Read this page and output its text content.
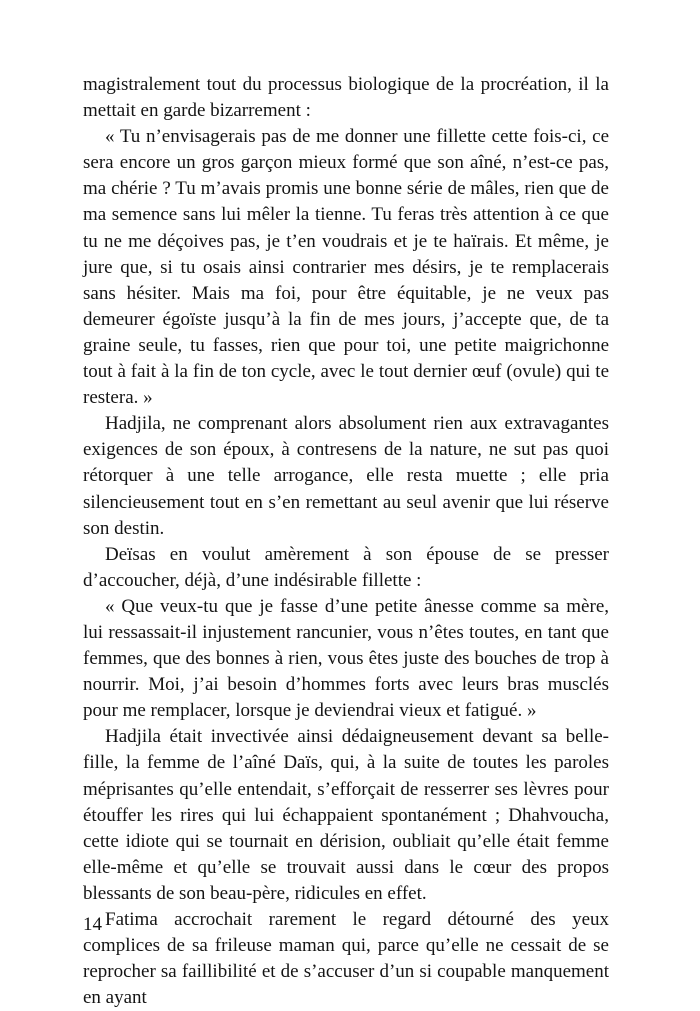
magistralement tout du processus biologique de la procréation, il la mettait en garde bizarrement :

« Tu n’envisagerais pas de me donner une fillette cette fois-ci, ce sera encore un gros garçon mieux formé que son aîné, n’est-ce pas, ma chérie ? Tu m’avais promis une bonne série de mâles, rien que de ma semence sans lui mêler la tienne. Tu feras très attention à ce que tu ne me déçoives pas, je t’en voudrais et je te haïrais. Et même, je jure que, si tu osais ainsi contrarier mes désirs, je te remplacerais sans hésiter. Mais ma foi, pour être équitable, je ne veux pas demeurer égoïste jusqu’à la fin de mes jours, j’accepte que, de ta graine seule, tu fasses, rien que pour toi, une petite maigrichonne tout à fait à la fin de ton cycle, avec le tout dernier œuf (ovule) qui te restera. »

Hadjila, ne comprenant alors absolument rien aux extravagantes exigences de son époux, à contresens de la nature, ne sut pas quoi rétorquer à une telle arrogance, elle resta muette ; elle pria silencieusement tout en s’en remettant au seul avenir que lui réserve son destin.

Deïsas en voulut amèrement à son épouse de se presser d’accoucher, déjà, d’une indésirable fillette :

« Que veux-tu que je fasse d’une petite ânesse comme sa mère, lui ressassait-il injustement rancunier, vous n’êtes toutes, en tant que femmes, que des bonnes à rien, vous êtes juste des bouches de trop à nourrir. Moi, j’ai besoin d’hommes forts avec leurs bras musclés pour me remplacer, lorsque je deviendrai vieux et fatigué. »

Hadjila était invectivée ainsi dédaigneusement devant sa belle-fille, la femme de l’aîné Daïs, qui, à la suite de toutes les paroles méprisantes qu’elle entendait, s’efforçait de resserrer ses lèvres pour étouffer les rires qui lui échappaient spontanément ; Dhahvoucha, cette idiote qui se tournait en dérision, oubliait qu’elle était femme elle-même et qu’elle se trouvait aussi dans le cœur des propos blessants de son beau-père, ridicules en effet.

Fatima accrochait rarement le regard détourné des yeux complices de sa frileuse maman qui, parce qu’elle ne cessait de se reprocher sa faillibilité et de s’accuser d’un si coupable manquement en ayant

14
